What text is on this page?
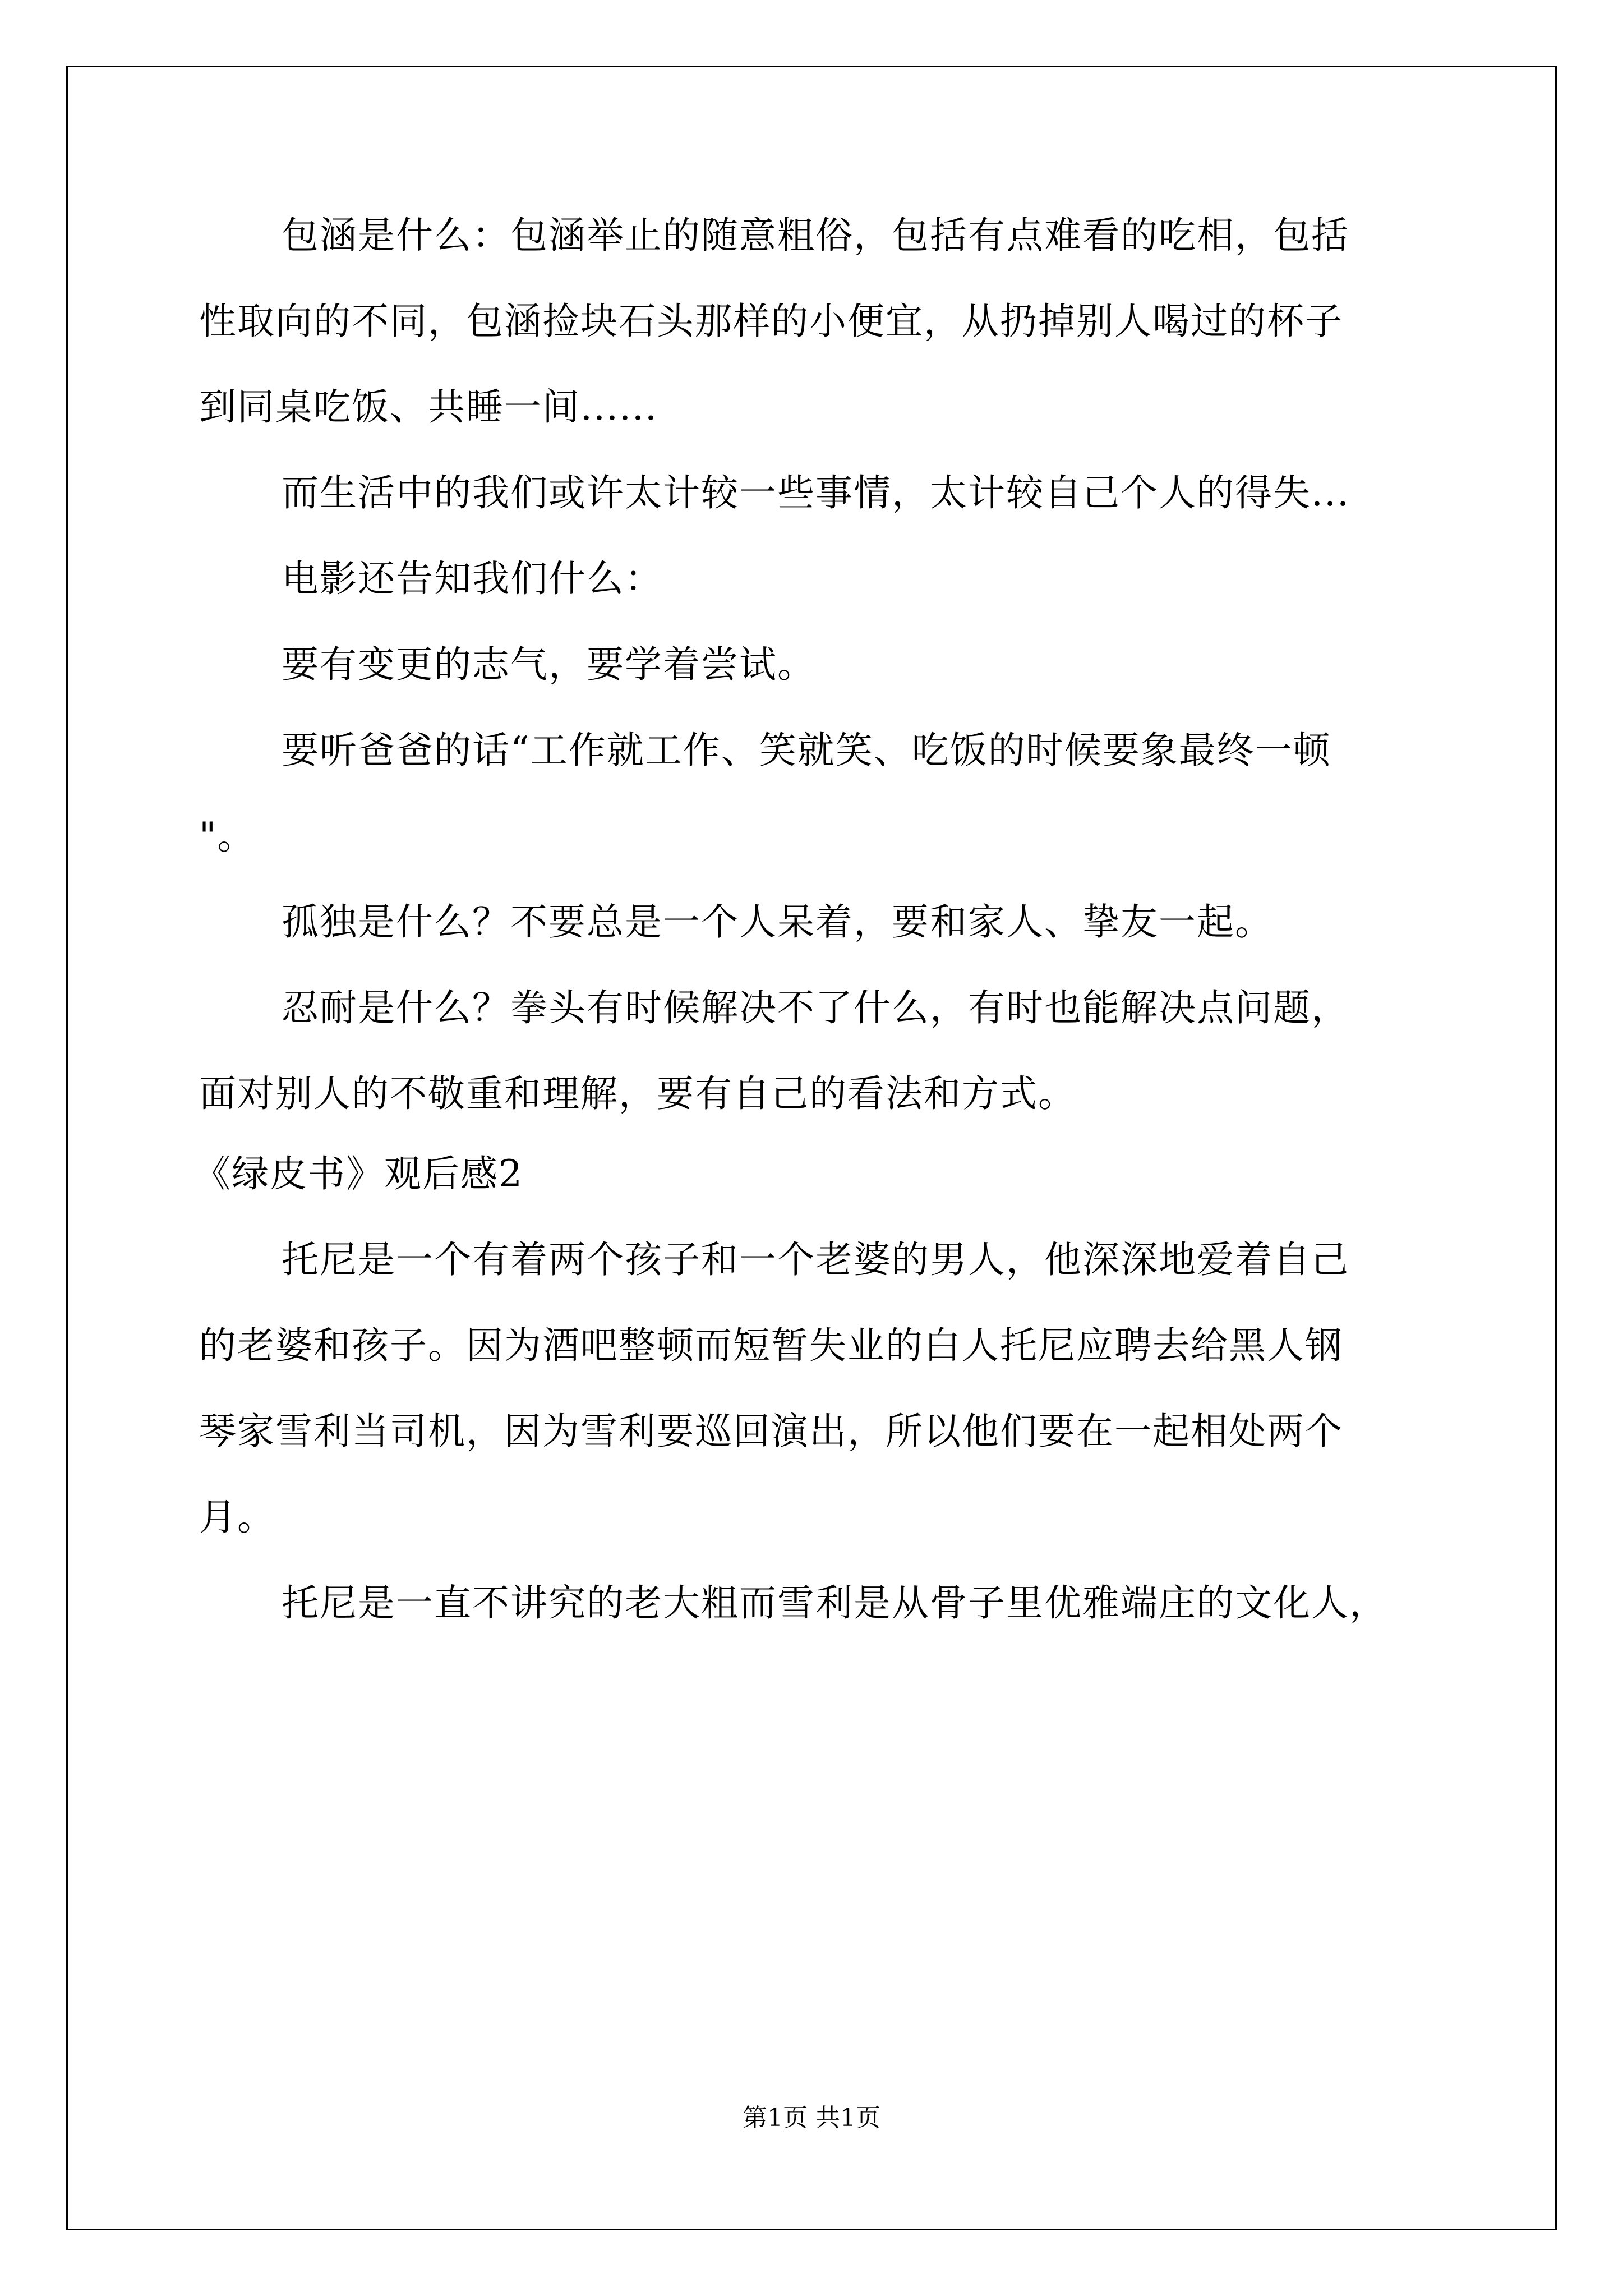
包涵是什么：包涵举止的随意粗俗，包括有点难看的吃相，包括
性取向的不同，包涵捡块石头那样的小便宜，从扔掉别人喝过的杯子
到同桌吃饭、共睡一间......
而生活中的我们或许太计较一些事情，太计较自己个人的得失...
电影还告知我们什么：
要有变更的志气，要学着尝试。
要听爸爸的话“工作就工作、笑就笑、吃饭的时候要象最终一顿
"。
孤独是什么？不要总是一个人呆着，要和家人、挚友一起。
忍耐是什么？拳头有时候解决不了什么，有时也能解决点问题，
面对别人的不敬重和理解，要有自己的看法和方式。
《绿皮书》观后感2
托尼是一个有着两个孩子和一个老婆的男人，他深深地爱着自己
的老婆和孩子。因为酒吧整顿而短暂失业的白人托尼应聘去给黑人钢
琴家雪利当司机，因为雪利要巡回演出，所以他们要在一起相处两个
月。
托尼是一直不讲究的老大粗而雪利是从骨子里优雅端庄的文化人，
第1页 共1页
